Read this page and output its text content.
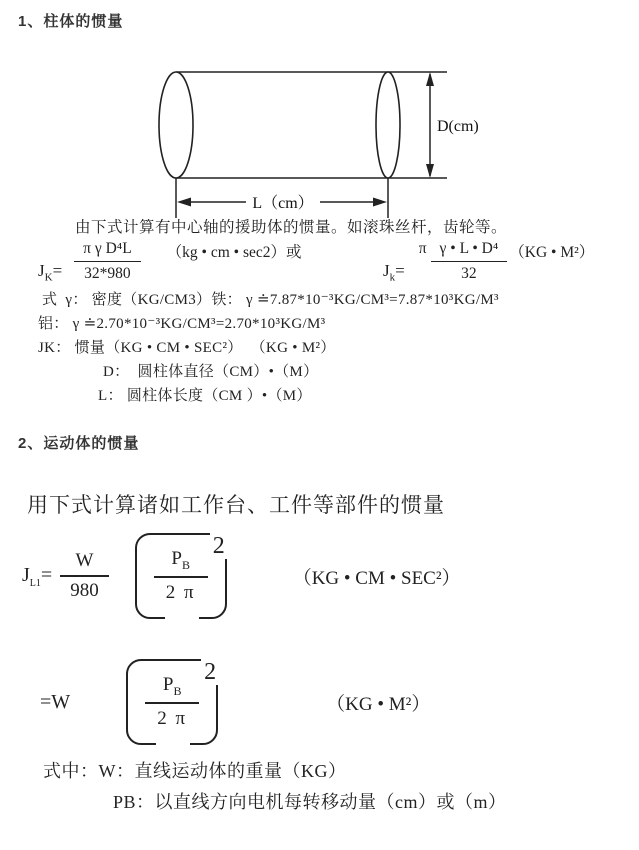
1、柱体的惯量
D(cm)
L（cm）

由下式计算有中心轴的援助体的惯量。如滚珠丝杆，齿轮等。

$J_K= \frac{\text{π γ D⁴L}}{32*980} (kg$ • cm • sec2）或
$J_k=$
π $\frac{\text{γ • L • D⁴}}{32} (KG$ • M²）

式  γ： 密度（KG/CM3）铁： γ ≐7.87*10⁻³KG/CM³=7.87*10³KG/M³

铝： γ ≐2.70*10⁻³KG/CM³=2.70*10³KG/M³

JK： 惯量（KG • CM • SEC²）  （KG • M²）

D：  圆柱体直径（CM）•（M）

L： 圆柱体长度（CM ）•（M）

2、运动体的惯量

用下式计算诸如工作台、工件等部件的惯量

$J_{L1}= \frac{W}{980} \frac{P_B}{2 \pi}$
2
（KG • CM • SEC²）
=W	$\frac{P_B}{2 \pi}$
2
（KG • M²）

式中：W：直线运动体的重量（KG）

PB：以直线方向电机每转移动量（cm）或（m）
